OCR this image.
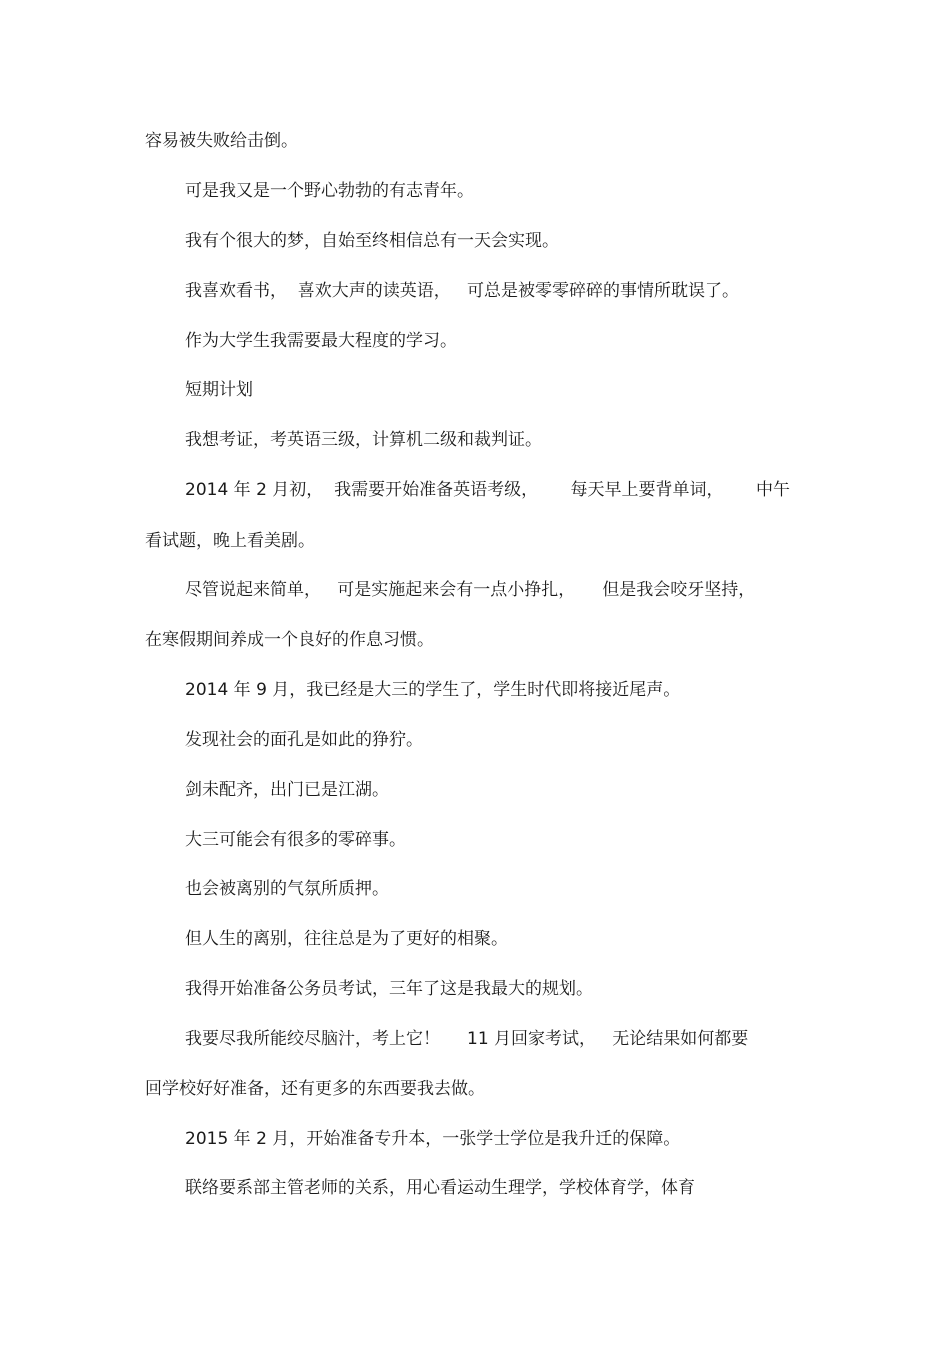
容易被失败给击倒。

可是我又是一个野心勃勃的有志青年。

我有个很大的梦，自始至终相信总有一天会实现。

我喜欢看书，  喜欢大声的读英语，   可总是被零零碎碎的事情所耽误了。

作为大学生我需要最大程度的学习。

短期计划

我想考证，考英语三级，计算机二级和裁判证。

2014 年 2 月初，  我需要开始准备英语考级，      每天早上要背单词，      中午

看试题，晚上看美剧。

尽管说起来简单，   可是实施起来会有一点小挣扎，     但是我会咬牙坚持，

在寒假期间养成一个良好的作息习惯。

2014 年 9 月，我已经是大三的学生了，学生时代即将接近尾声。

发现社会的面孔是如此的狰狞。

剑未配齐，出门已是江湖。

大三可能会有很多的零碎事。

也会被离别的气氛所质押。

但人生的离别，往往总是为了更好的相聚。

我得开始准备公务员考试，三年了这是我最大的规划。

我要尽我所能绞尽脑汁，考上它！     11 月回家考试，   无论结果如何都要

回学校好好准备，还有更多的东西要我去做。

2015 年 2 月，开始准备专升本，一张学士学位是我升迁的保障。

联络要系部主管老师的关系，用心看运动生理学，学校体育学，体育
